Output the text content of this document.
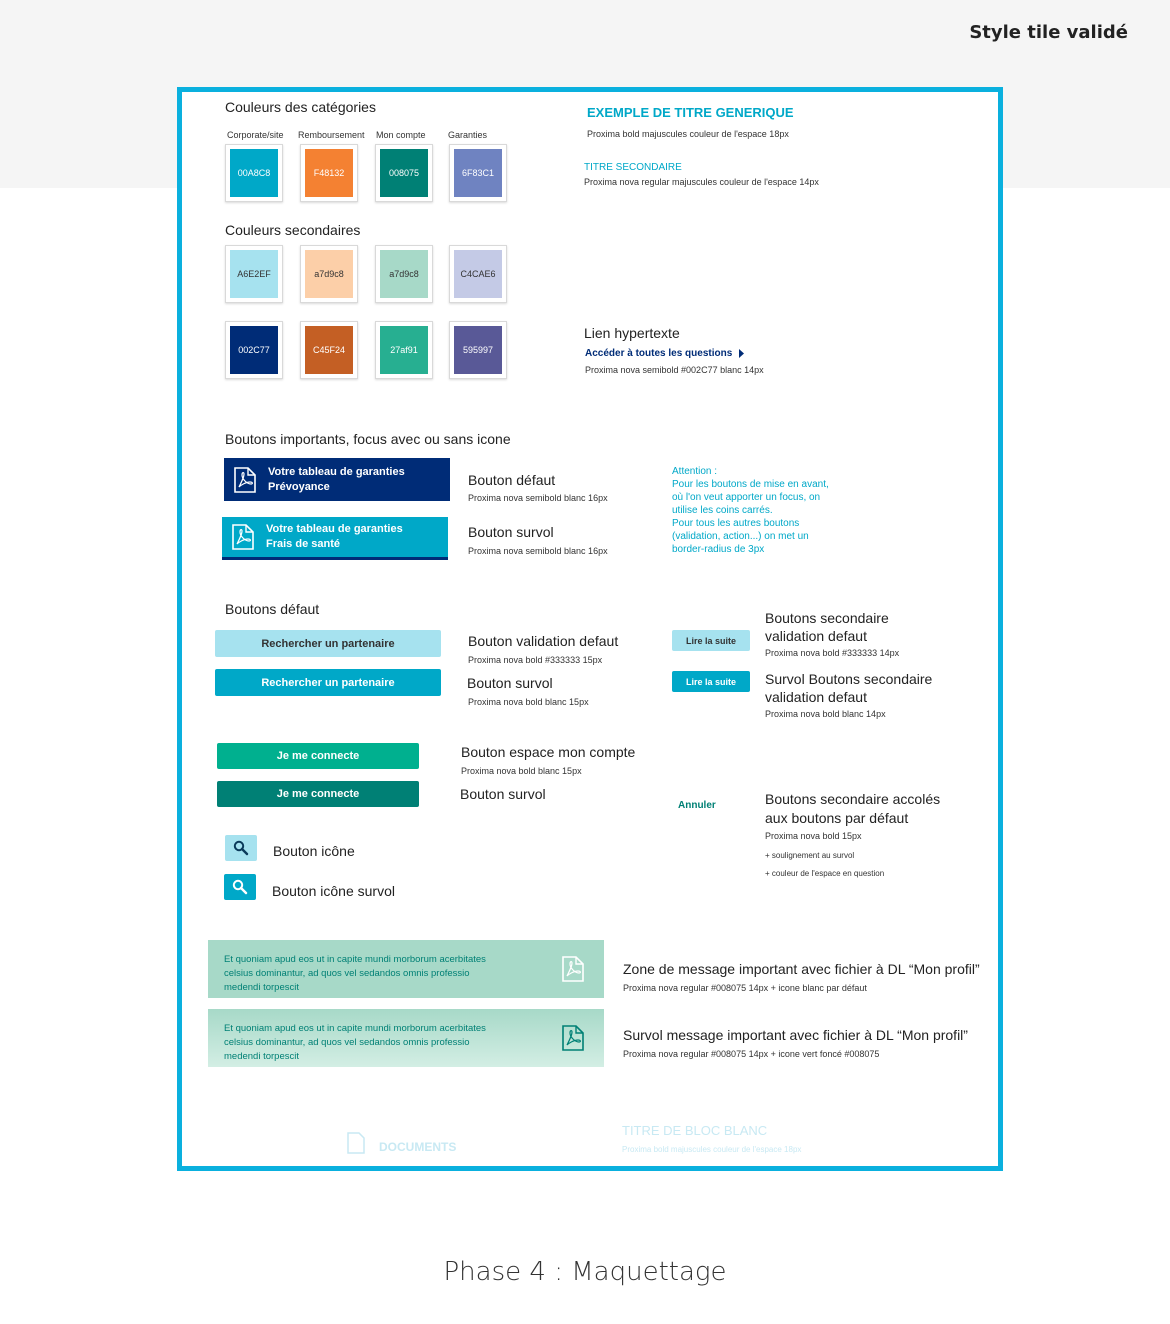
Style tile validé
Couleurs des catégories
Corporate/site Remboursement Mon compte Garanties
00A8C8	F48132	008075	6F83C1
Couleurs secondaires
A6E2EF	a7d9c8	a7d9c8	C4CAE6
002C77	C45F24	27af91	595997
EXEMPLE DE TITRE GENERIQUE
Proxima bold majuscules couleur de l'espace 18px
TITRE SECONDAIRE
Proxima nova regular majuscules couleur de l'espace 14px
Lien hypertexte
Accéder à toutes les questions
Proxima nova semibold #002C77 blanc 14px
Boutons importants, focus avec ou sans icone
Votre tableau de garanties
Prévoyance
Votre tableau de garanties
Frais de santé
Bouton défaut
Proxima nova semibold blanc 16px
Bouton survol
Proxima nova semibold blanc 16px
Attention :
Pour les boutons de mise en avant,
où l'on veut apporter un focus, on
utilise les coins carrés.
Pour tous les autres boutons
(validation, action...) on met un
border-radius de 3px
Boutons défaut
Rechercher un partenaire
Rechercher un partenaire
Bouton validation defaut
Proxima nova bold #333333 15px
Bouton survol
Proxima nova bold blanc 15px
Lire la suite
Lire la suite
Boutons secondaire
validation defaut
Proxima nova bold #333333 14px
Survol Boutons secondaire
validation defaut
Proxima nova bold blanc 14px
Je me connecte
Je me connecte
Bouton espace mon compte
Proxima nova bold blanc 15px
Bouton survol
Annuler	Boutons secondaire accolés
aux boutons par défaut
Proxima nova bold 15px
+ soulignement au survol
+ couleur de l'espace en question
Bouton icône
Bouton icône survol
Et quoniam apud eos ut in capite mundi morborum acerbitates
celsius dominantur, ad quos vel sedandos omnis professio
medendi torpescit
Et quoniam apud eos ut in capite mundi morborum acerbitates
celsius dominantur, ad quos vel sedandos omnis professio
medendi torpescit
Zone de message important avec fichier à DL “Mon profil”
Proxima nova regular #008075 14px + icone blanc par défaut
Survol message important avec fichier à DL “Mon profil”
Proxima nova regular #008075 14px + icone vert foncé #008075
DOCUMENTS
TITRE DE BLOC BLANC
Proxima bold majuscules couleur de l'espace 18px
Phase 4 : Maquettage
